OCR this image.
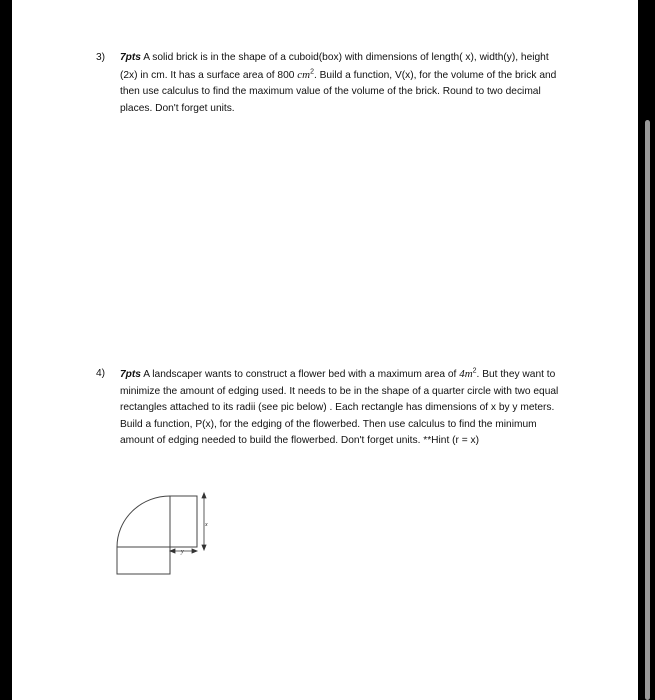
3) 7pts A solid brick is in the shape of a cuboid(box) with dimensions of length( x), width(y), height (2x) in cm. It has a surface area of 800 $cm^2$. Build a function, V(x), for the volume of the brick and then use calculus to find the maximum value of the volume of the brick. Round to two decimal places. Don't forget units.

4) 7pts A landscaper wants to construct a flower bed with a maximum area of $4m^2$. But they want to minimize the amount of edging used. It needs to be in the shape of a quarter circle with two equal rectangles attached to its radii (see pic below) . Each rectangle has dimensions of x by y meters. Build a function, P(x), for the edging of the flowerbed. Then use calculus to find the minimum amount of edging needed to build the flowerbed. Don't forget units. **Hint (r = x)

x
y
